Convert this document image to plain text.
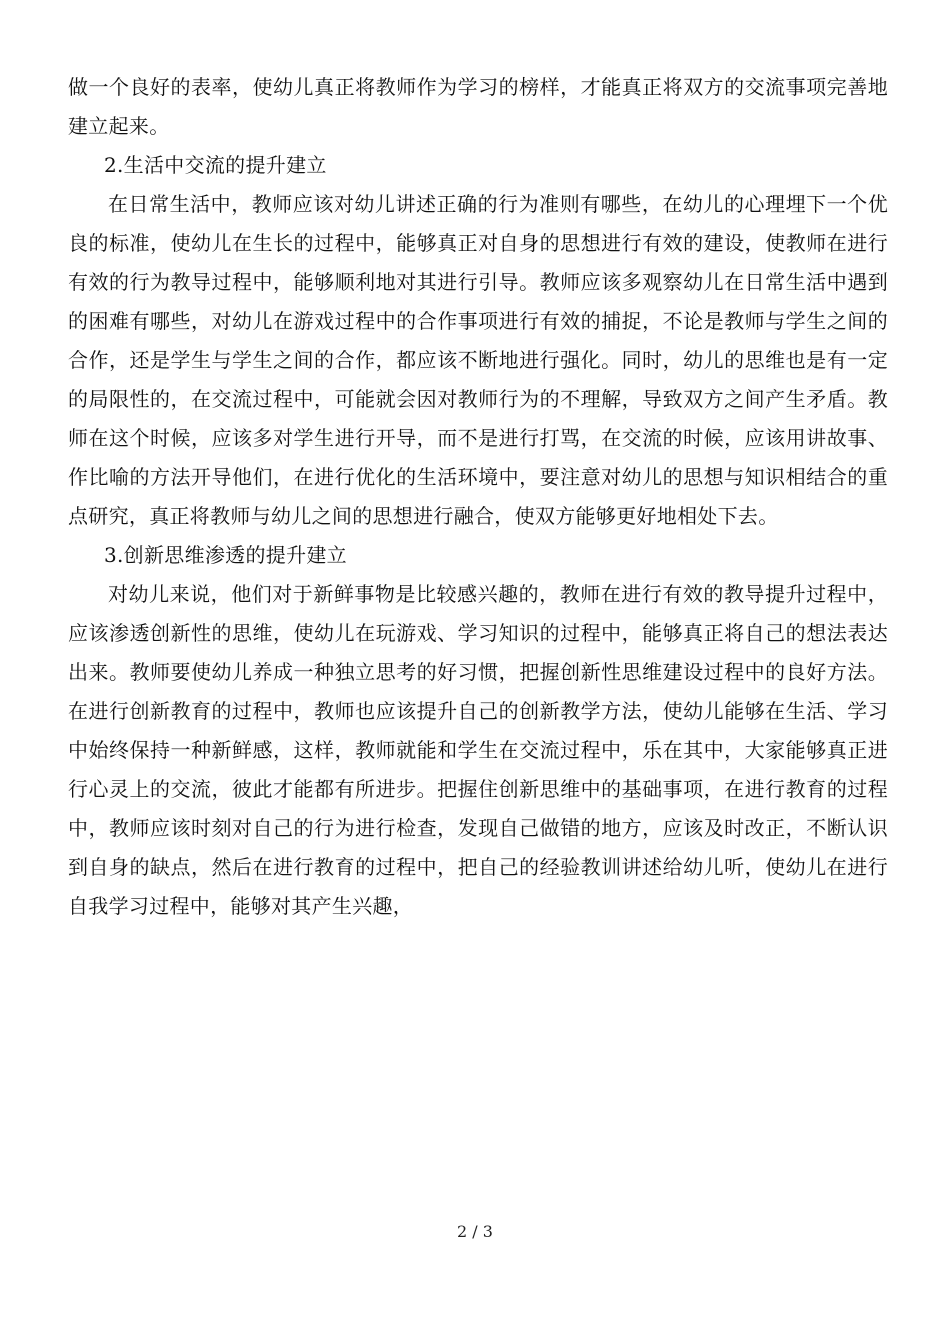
做一个良好的表率，使幼儿真正将教师作为学习的榜样，才能真正将双方的交流事项完善地建立起来。

2.生活中交流的提升建立

在日常生活中，教师应该对幼儿讲述正确的行为准则有哪些，在幼儿的心理埋下一个优良的标准，使幼儿在生长的过程中，能够真正对自身的思想进行有效的建设，使教师在进行有效的行为教导过程中，能够顺利地对其进行引导。教师应该多观察幼儿在日常生活中遇到的困难有哪些，对幼儿在游戏过程中的合作事项进行有效的捕捉，不论是教师与学生之间的合作，还是学生与学生之间的合作，都应该不断地进行强化。同时，幼儿的思维也是有一定的局限性的，在交流过程中，可能就会因对教师行为的不理解，导致双方之间产生矛盾。教师在这个时候，应该多对学生进行开导，而不是进行打骂，在交流的时候，应该用讲故事、作比喻的方法开导他们，在进行优化的生活环境中，要注意对幼儿的思想与知识相结合的重点研究，真正将教师与幼儿之间的思想进行融合，使双方能够更好地相处下去。

3.创新思维渗透的提升建立

对幼儿来说，他们对于新鲜事物是比较感兴趣的，教师在进行有效的教导提升过程中，应该渗透创新性的思维，使幼儿在玩游戏、学习知识的过程中，能够真正将自己的想法表达出来。教师要使幼儿养成一种独立思考的好习惯，把握创新性思维建设过程中的良好方法。在进行创新教育的过程中，教师也应该提升自己的创新教学方法，使幼儿能够在生活、学习中始终保持一种新鲜感，这样，教师就能和学生在交流过程中，乐在其中，大家能够真正进行心灵上的交流，彼此才能都有所进步。把握住创新思维中的基础事项，在进行教育的过程中，教师应该时刻对自己的行为进行检查，发现自己做错的地方，应该及时改正，不断认识到自身的缺点，然后在进行教育的过程中，把自己的经验教训讲述给幼儿听，使幼儿在进行自我学习过程中，能够对其产生兴趣，

2 / 3
